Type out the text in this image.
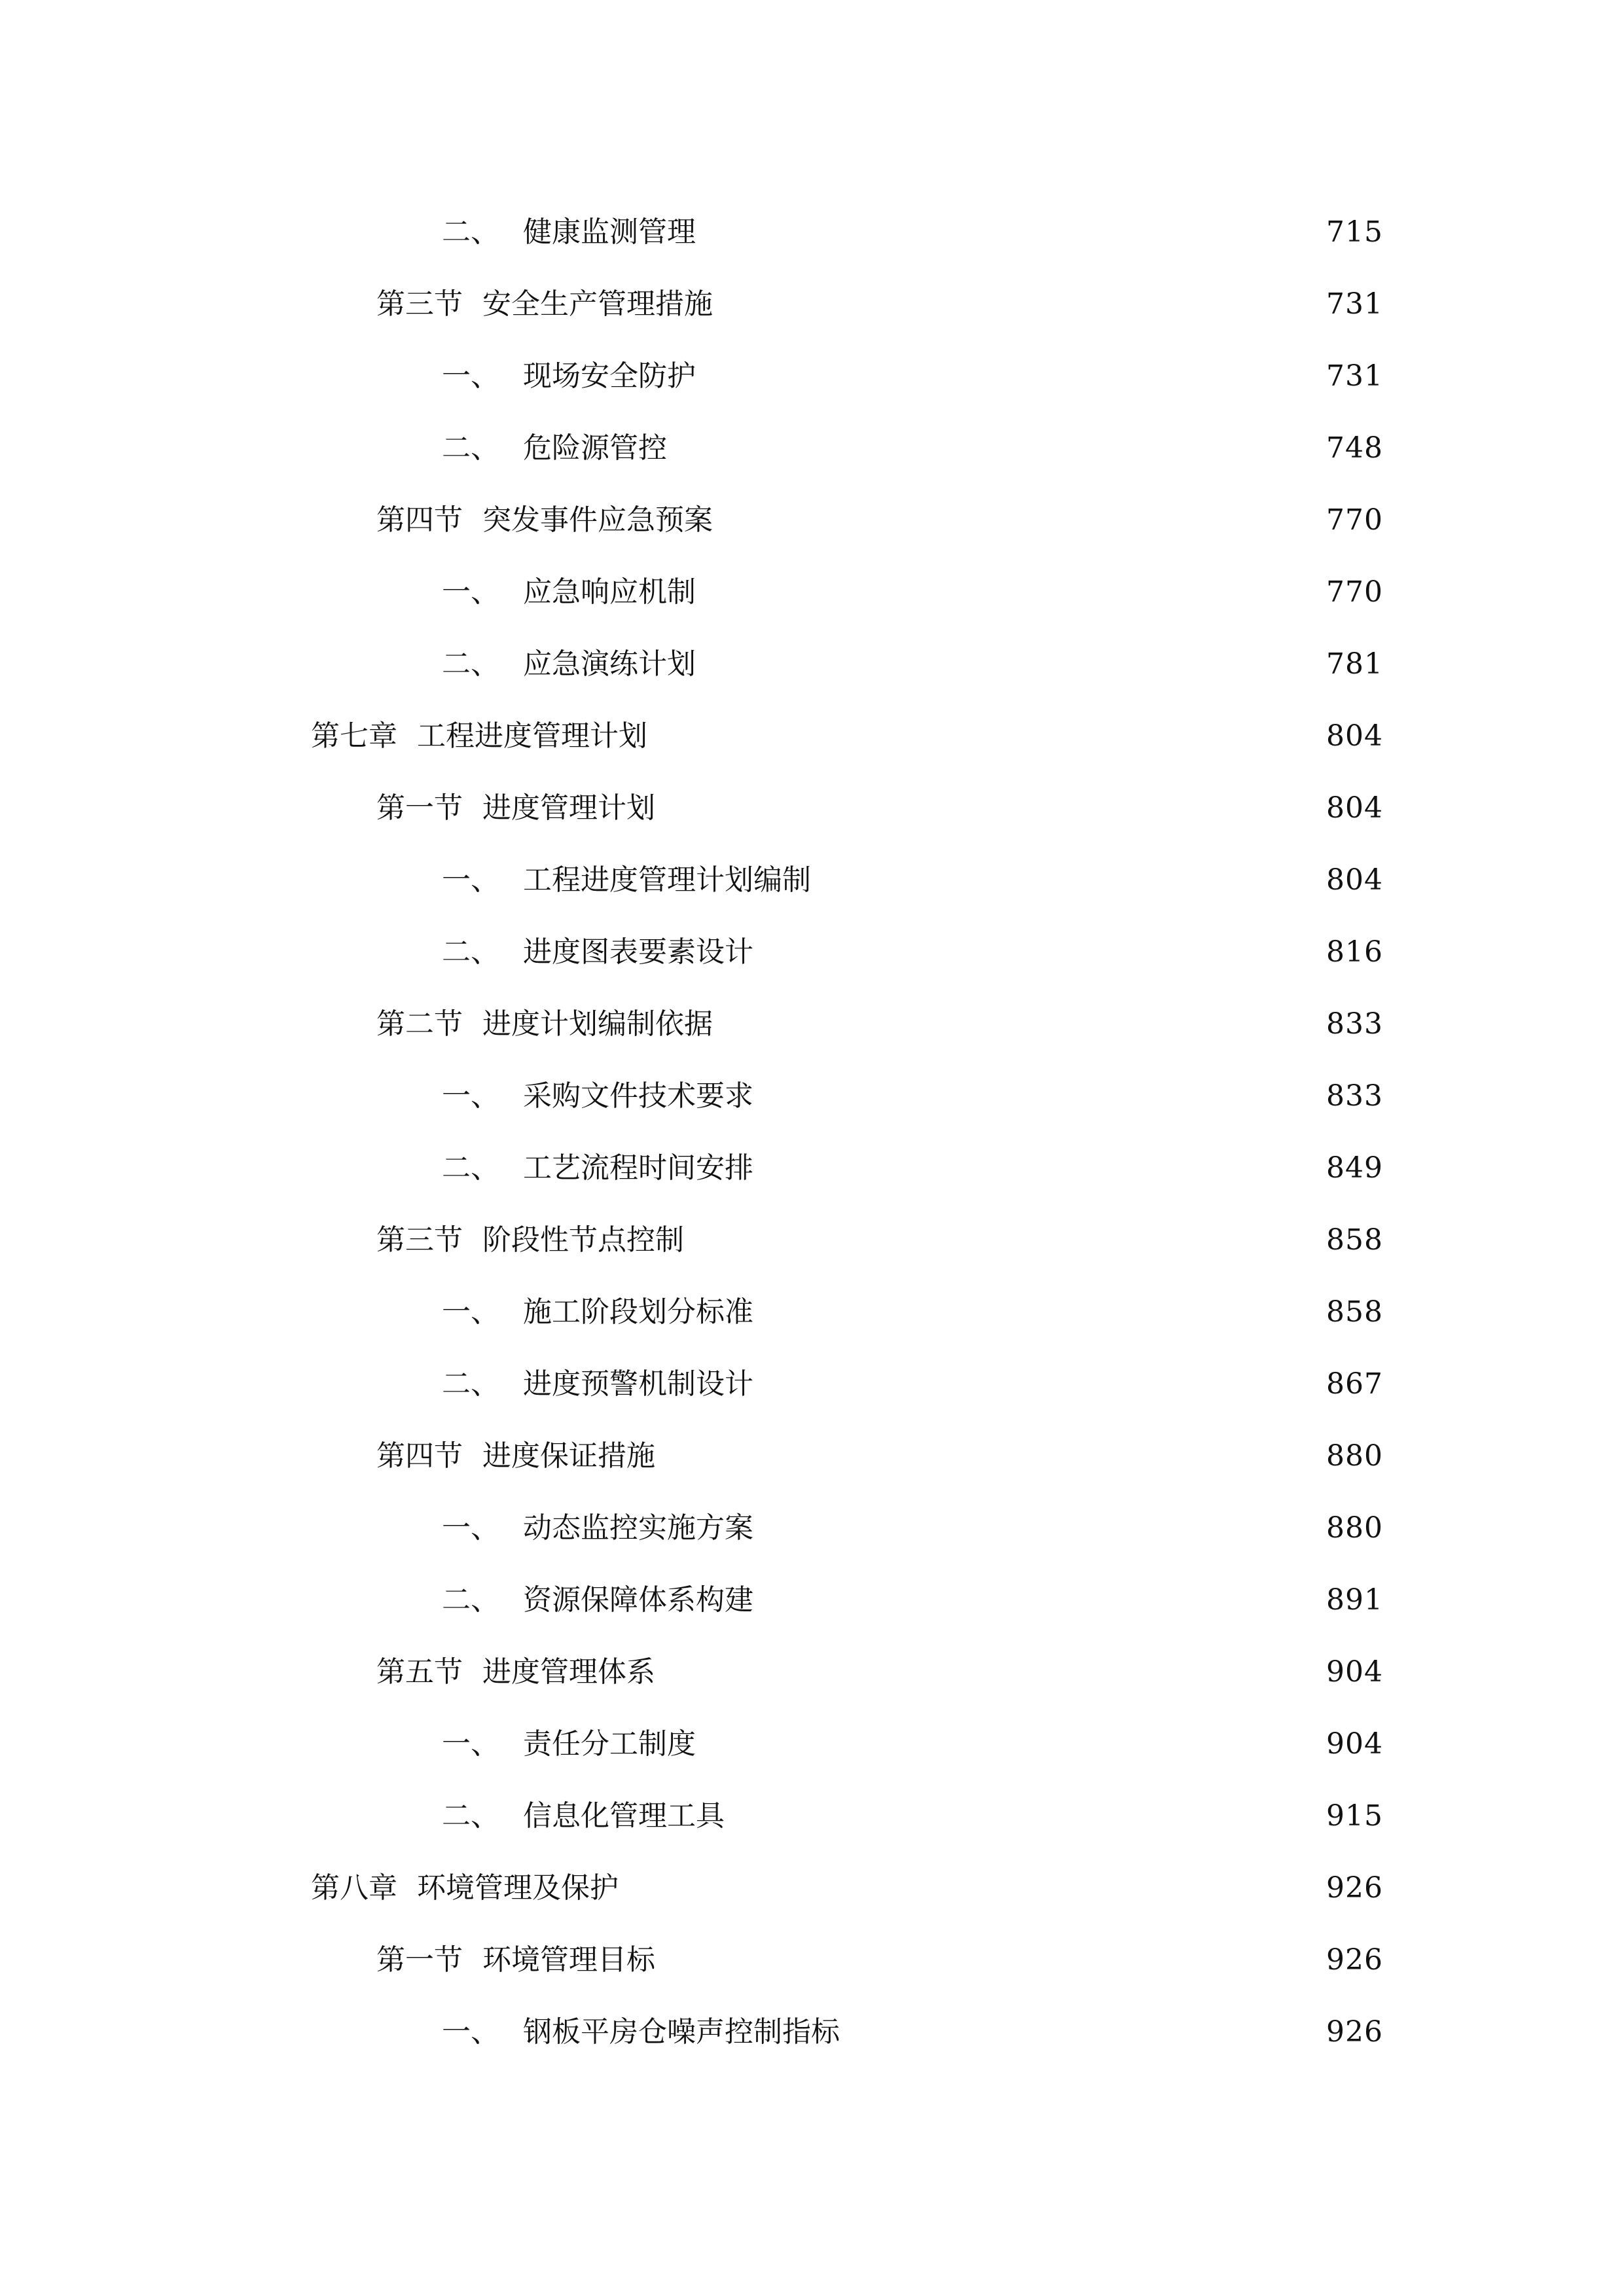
二、 健康监测管理	715
第三节 安全生产管理措施	731
一、 现场安全防护	731
二、 危险源管控	748
第四节 突发事件应急预案	770
一、 应急响应机制	770
二、 应急演练计划	781
第七章 工程进度管理计划	804
第一节 进度管理计划	804
一、 工程进度管理计划编制	804
二、 进度图表要素设计	816
第二节 进度计划编制依据	833
一、 采购文件技术要求	833
二、 工艺流程时间安排	849
第三节 阶段性节点控制	858
一、 施工阶段划分标准	858
二、 进度预警机制设计	867
第四节 进度保证措施	880
一、 动态监控实施方案	880
二、 资源保障体系构建	891
第五节 进度管理体系	904
一、 责任分工制度	904
二、 信息化管理工具	915
第八章 环境管理及保护	926
第一节 环境管理目标	926
一、 钢板平房仓噪声控制指标	926
